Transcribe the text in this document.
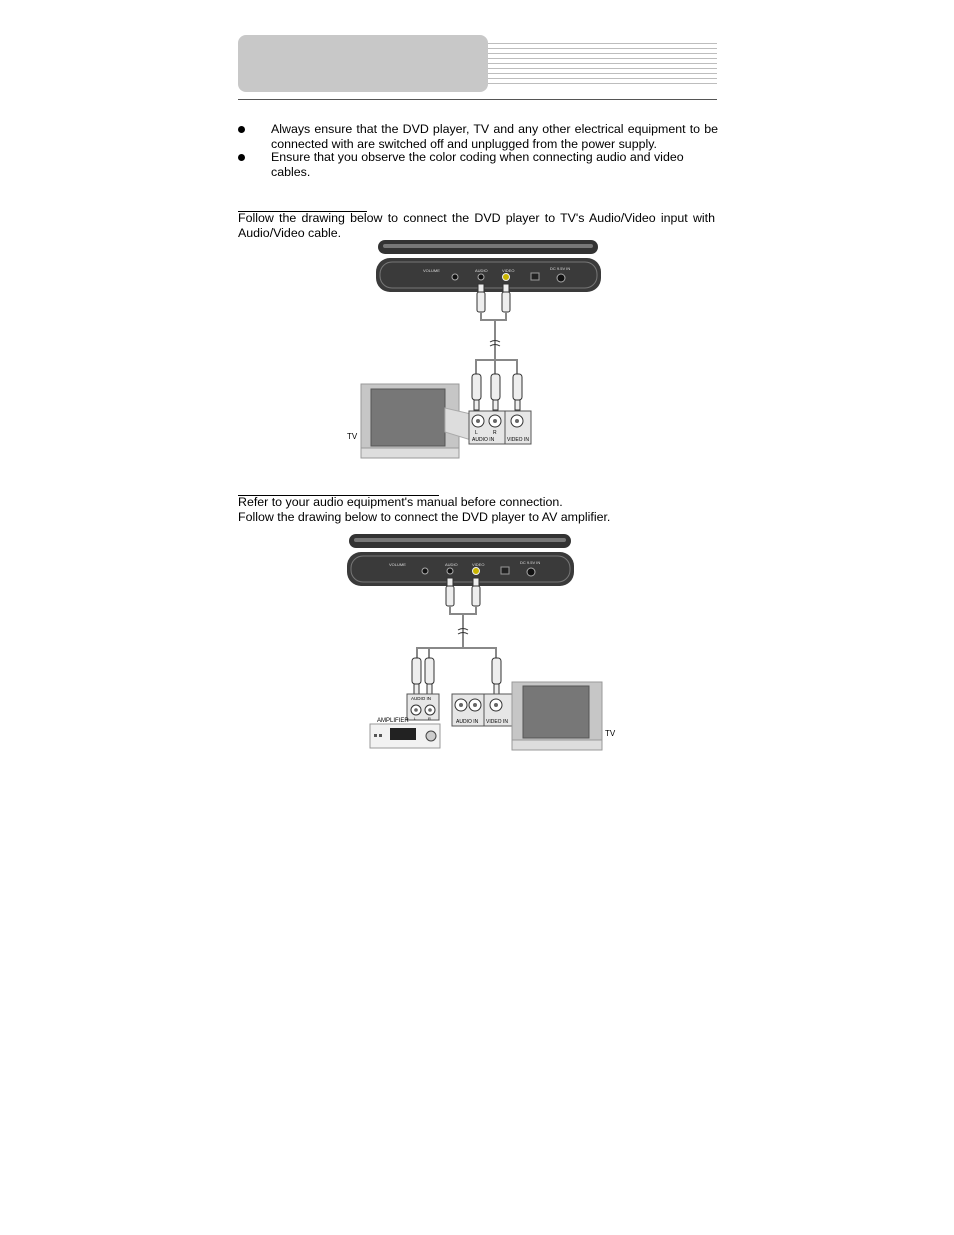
Always ensure that the DVD player, TV and any other electrical equipment to be connected with are switched off and unplugged from the power supply.
Ensure that you observe the color coding when connecting audio and video cables.
Follow the drawing below to connect the DVD player to TV's Audio/Video input with Audio/Video cable.
VOLUME	AUDIO	VIDEO	DC 9.5V IN
TV	L	R
AUDIO IN	VIDEO IN
Refer to your audio equipment's manual before connection.
Follow the drawing below to connect the DVD player to AV amplifier.
VOLUME	AUDIO	VIDEO	DC 9.5V IN
AUDIO IN
L	R
AMPLIFIER	AUDIO IN VIDEO IN
TV
